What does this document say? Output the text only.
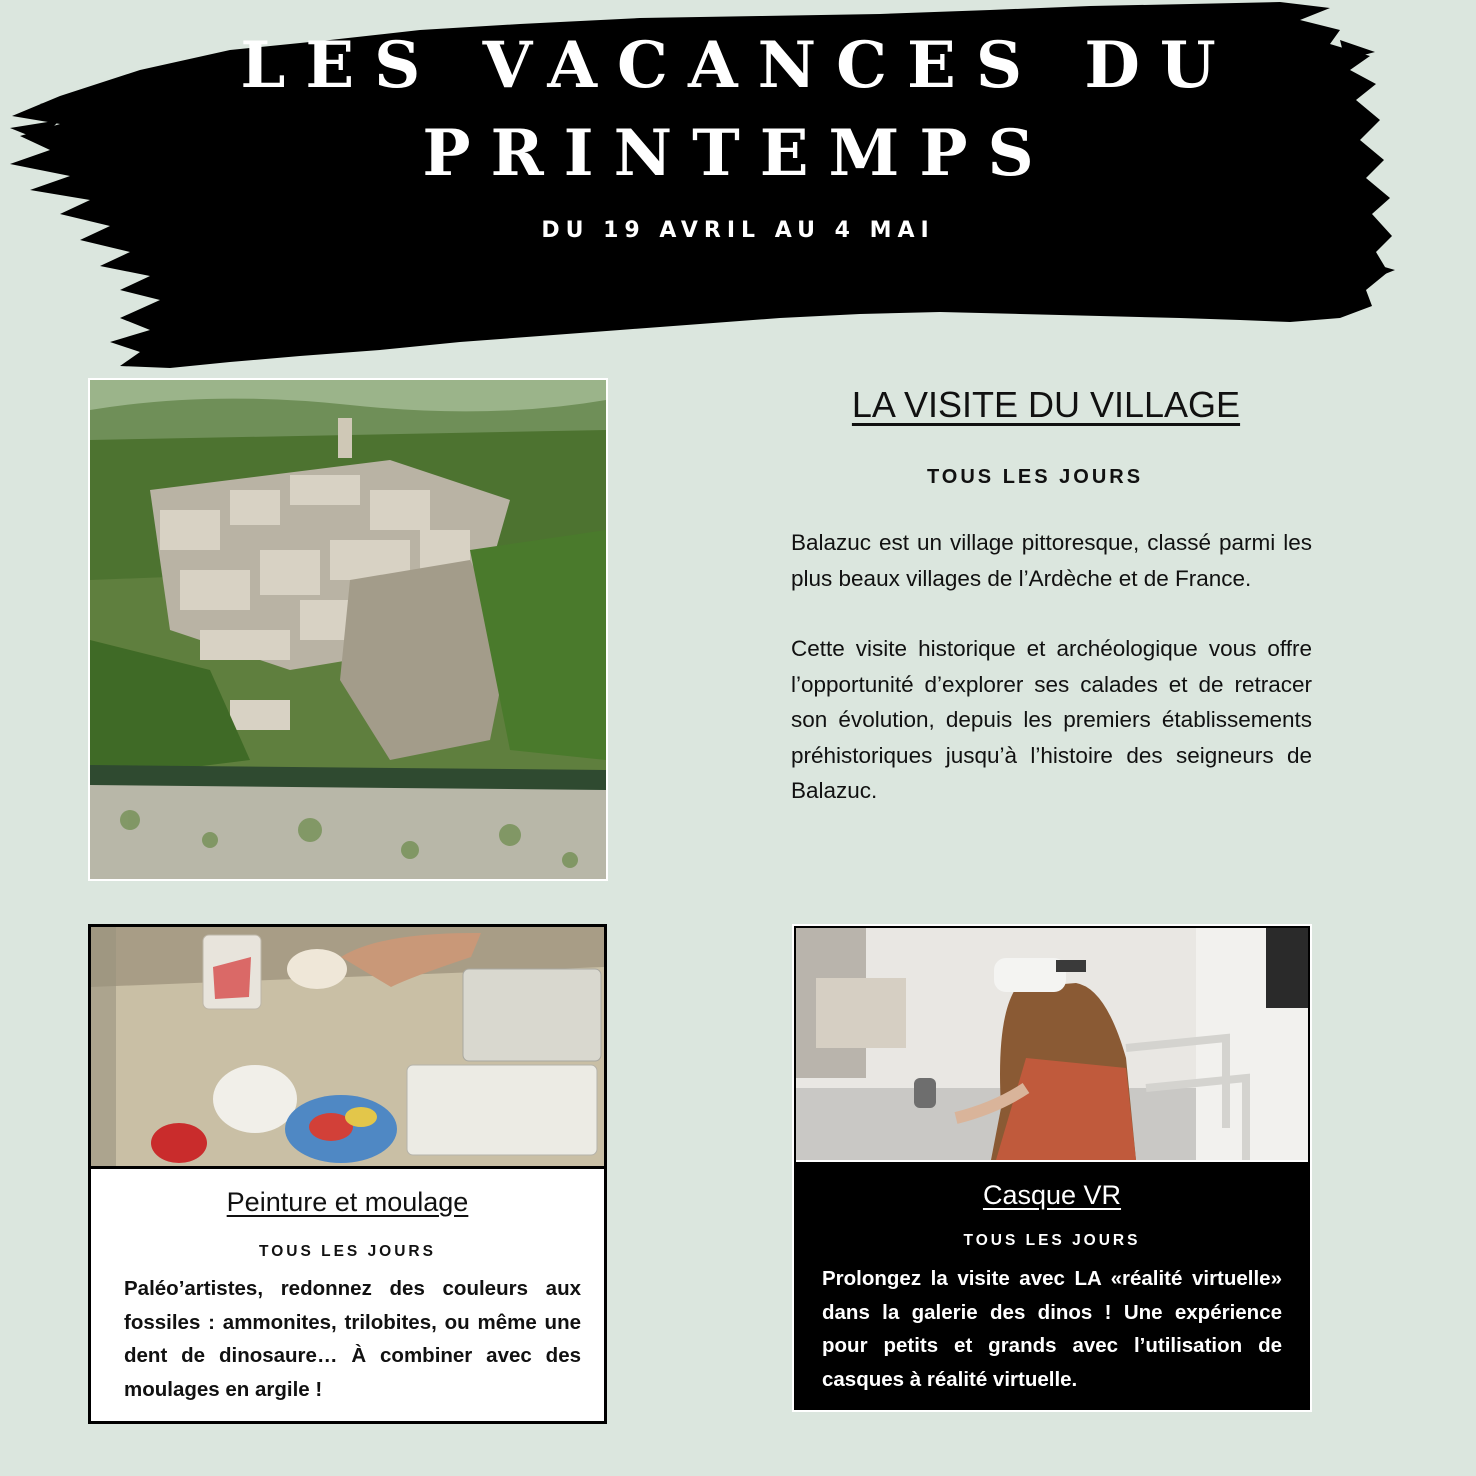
LES VACANCES DU
PRINTEMPS
DU 19 AVRIL AU 4 MAI
LA VISITE DU VILLAGE
TOUS LES JOURS

Balazuc est un village pittoresque, classé parmi les plus beaux villages de l’Ardèche et de France.

Cette visite historique et archéologique vous offre l’opportunité d’explorer ses calades et de retracer son évolution, depuis les premiers établissements préhistoriques jusqu’à l’histoire des seigneurs de Balazuc.

Peinture et moulage
TOUS LES JOURS

Paléo’artistes, redonnez des couleurs aux fossiles : ammonites, trilobites, ou même une dent de dinosaure… À combiner avec des moulages en argile !

Casque VR
TOUS LES JOURS

Prolongez la visite avec LA «réalité virtuelle» dans la galerie des dinos ! Une expérience pour petits et grands avec l’utilisation de casques à réalité virtuelle.
